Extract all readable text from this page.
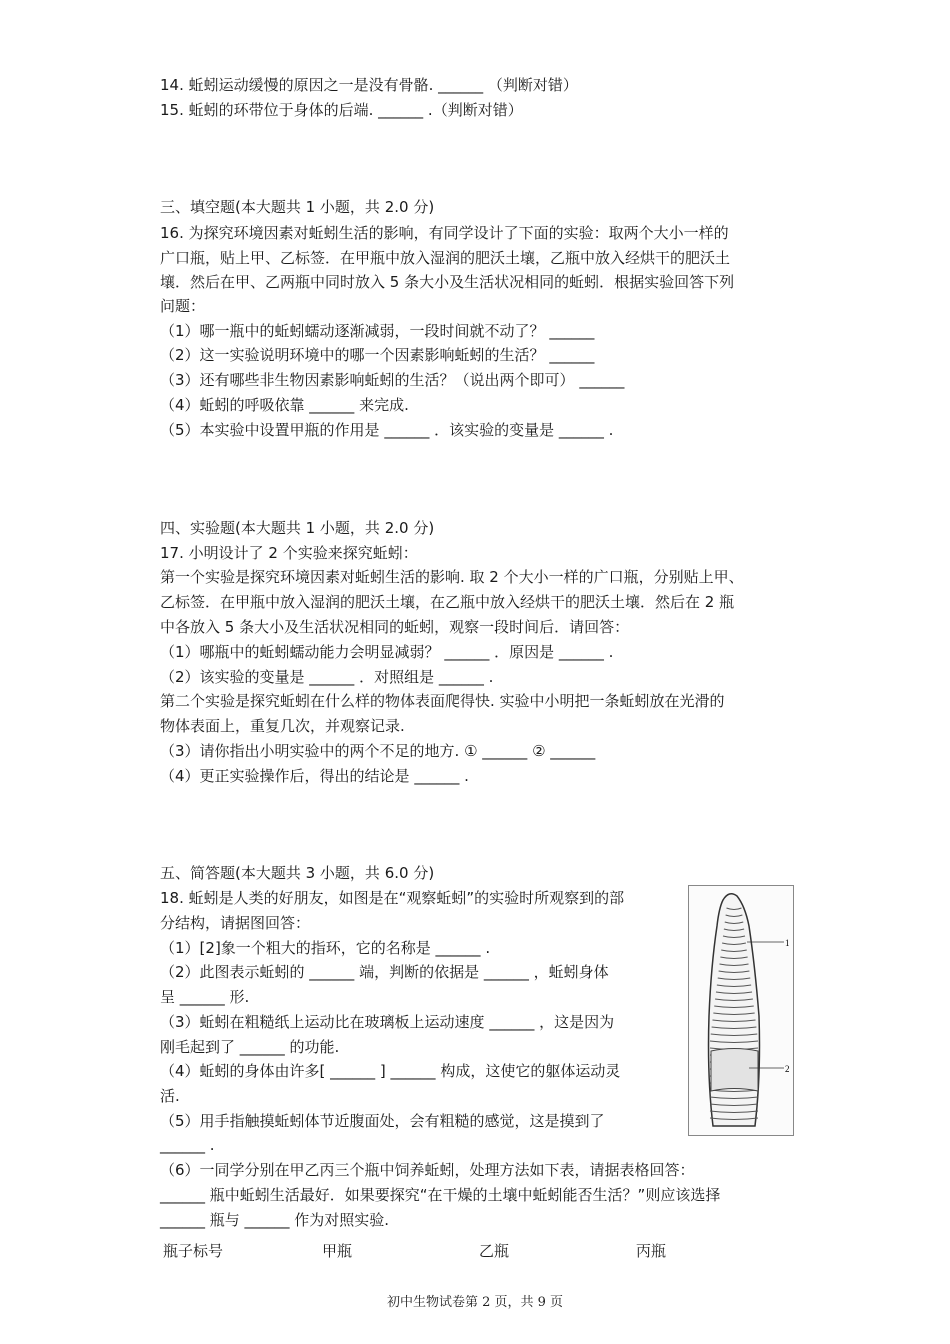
14. 蚯蚓运动缓慢的原因之一是没有骨骼. ______ （判断对错）
15. 蚯蚓的环带位于身体的后端. ______ .（判断对错）
三、填空题(本大题共 1 小题，共 2.0 分)
16. 为探究环境因素对蚯蚓生活的影响，有同学设计了下面的实验：取两个大小一样的
广口瓶，贴上甲、乙标签．在甲瓶中放入湿润的肥沃土壤，乙瓶中放入经烘干的肥沃土
壤．然后在甲、乙两瓶中同时放入 5 条大小及生活状况相同的蚯蚓．根据实验回答下列
问题：
（1）哪一瓶中的蚯蚓蠕动逐渐减弱，一段时间就不动了？ ______
（2）这一实验说明环境中的哪一个因素影响蚯蚓的生活？ ______
（3）还有哪些非生物因素影响蚯蚓的生活？（说出两个即可） ______
（4）蚯蚓的呼吸依靠 ______ 来完成.
（5）本实验中设置甲瓶的作用是 ______ ．该实验的变量是 ______ .
四、实验题(本大题共 1 小题，共 2.0 分)
17. 小明设计了 2 个实验来探究蚯蚓：
第一个实验是探究环境因素对蚯蚓生活的影响. 取 2 个大小一样的广口瓶，分别贴上甲、
乙标签．在甲瓶中放入湿润的肥沃土壤，在乙瓶中放入经烘干的肥沃土壤．然后在 2 瓶
中各放入 5 条大小及生活状况相同的蚯蚓，观察一段时间后．请回答：
（1）哪瓶中的蚯蚓蠕动能力会明显减弱？ ______ ．原因是 ______ .
（2）该实验的变量是 ______ ．对照组是 ______ .
第二个实验是探究蚯蚓在什么样的物体表面爬得快. 实验中小明把一条蚯蚓放在光滑的
物体表面上，重复几次，并观察记录.
（3）请你指出小明实验中的两个不足的地方. ① ______ ② ______
（4）更正实验操作后，得出的结论是 ______ .
五、简答题(本大题共 3 小题，共 6.0 分)
18. 蚯蚓是人类的好朋友，如图是在“观察蚯蚓”的实验时所观察到的部
分结构，请据图回答：
（1）[2]象一个粗大的指环，它的名称是 ______ .
（2）此图表示蚯蚓的 ______ 端，判断的依据是 ______ ，蚯蚓身体
呈 ______ 形.
（3）蚯蚓在粗糙纸上运动比在玻璃板上运动速度 ______ ，这是因为
刚毛起到了 ______ 的功能.
（4）蚯蚓的身体由许多[ ______ ] ______ 构成，这使它的躯体运动灵
活.
（5）用手指触摸蚯蚓体节近腹面处，会有粗糙的感觉，这是摸到了
______ .
（6）一同学分别在甲乙丙三个瓶中饲养蚯蚓，处理方法如下表，请据表格回答：
______ 瓶中蚯蚓生活最好．如果要探究“在干燥的土壤中蚯蚓能否生活？”则应该选择
______ 瓶与 ______ 作为对照实验.
1
2
瓶子标号	甲瓶	乙瓶	丙瓶
初中生物试卷第 2 页，共 9 页
